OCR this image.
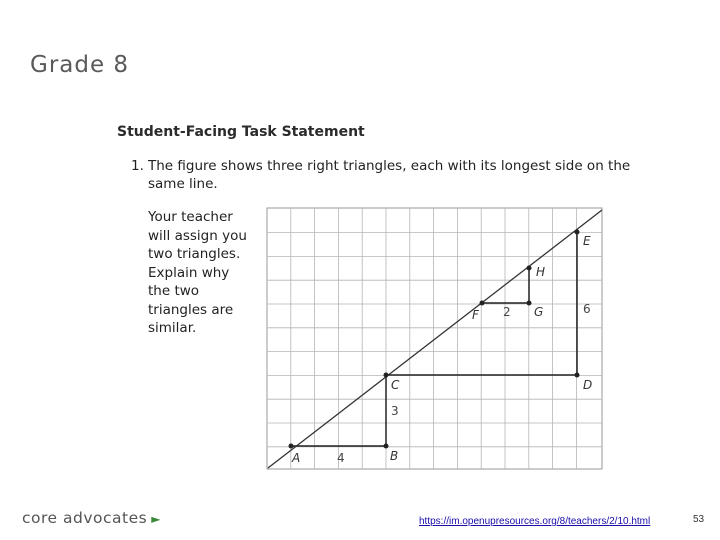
Grade 8
Student-Facing Task Statement
1. The figure shows three right triangles, each with its longest side on the
same line.
Your teacher
will assign you
two triangles.
Explain why
the two
triangles are
similar.
A	B
C	D
E
F	G
H
4
3
2	6
core advocates ►	https://im.openupresources.org/8/teachers/2/10.html	53
